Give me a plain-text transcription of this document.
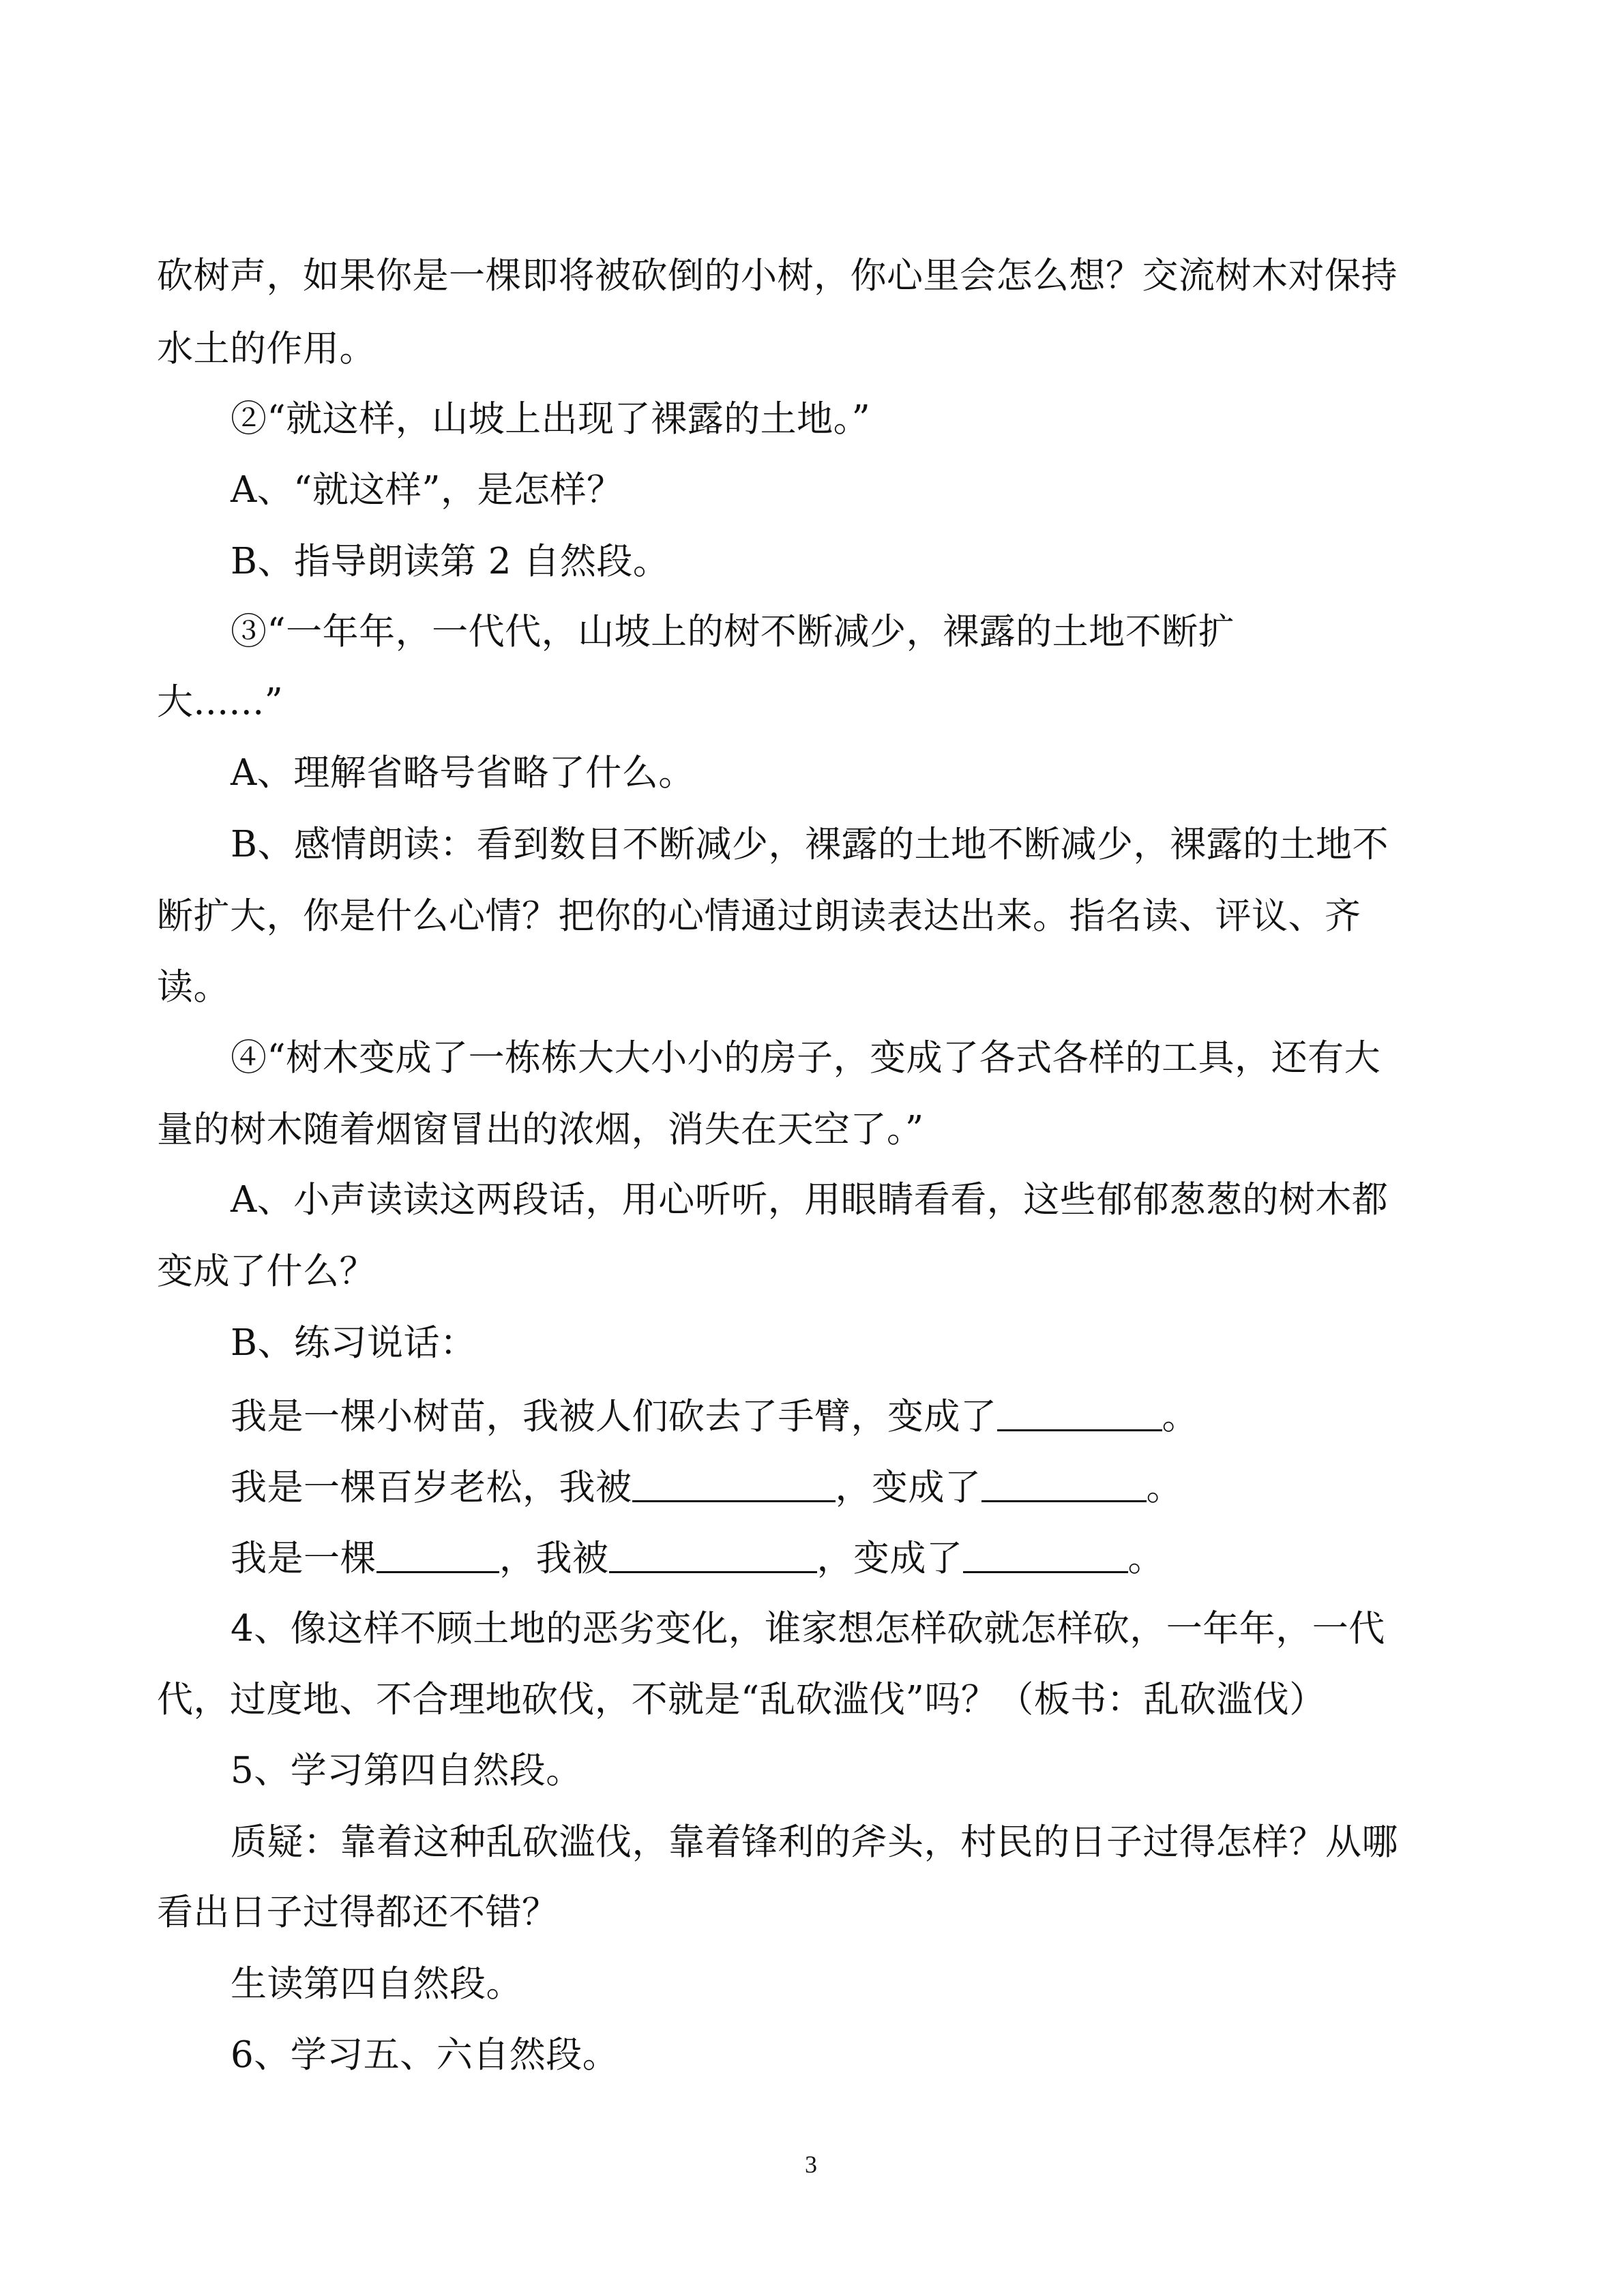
砍树声，如果你是一棵即将被砍倒的小树，你心里会怎么想？交流树木对保持
水土的作用。
②“就这样，山坡上出现了裸露的土地。”
A、“就这样”，是怎样？
B、指导朗读第 2 自然段。
③“一年年，一代代，山坡上的树不断减少，裸露的土地不断扩
大......”
A、理解省略号省略了什么。
B、感情朗读：看到数目不断减少，裸露的土地不断减少，裸露的土地不
断扩大，你是什么心情？把你的心情通过朗读表达出来。指名读、评议、齐
读。
④“树木变成了一栋栋大大小小的房子，变成了各式各样的工具，还有大
量的树木随着烟窗冒出的浓烟，消失在天空了。”
A、小声读读这两段话，用心听听，用眼睛看看，这些郁郁葱葱的树木都
变成了什么？
B、练习说话：
我是一棵小树苗，我被人们砍去了手臂，变成了	。
我是一棵百岁老松，我被	，变成了	。
我是一棵	，我被	，变成了	。
4、像这样不顾土地的恶劣变化，谁家想怎样砍就怎样砍，一年年，一代
代，过度地、不合理地砍伐，不就是“乱砍滥伐”吗？（板书：乱砍滥伐）
5、学习第四自然段。
质疑：靠着这种乱砍滥伐，靠着锋利的斧头，村民的日子过得怎样？从哪
看出日子过得都还不错？
生读第四自然段。
6、学习五、六自然段。
3
